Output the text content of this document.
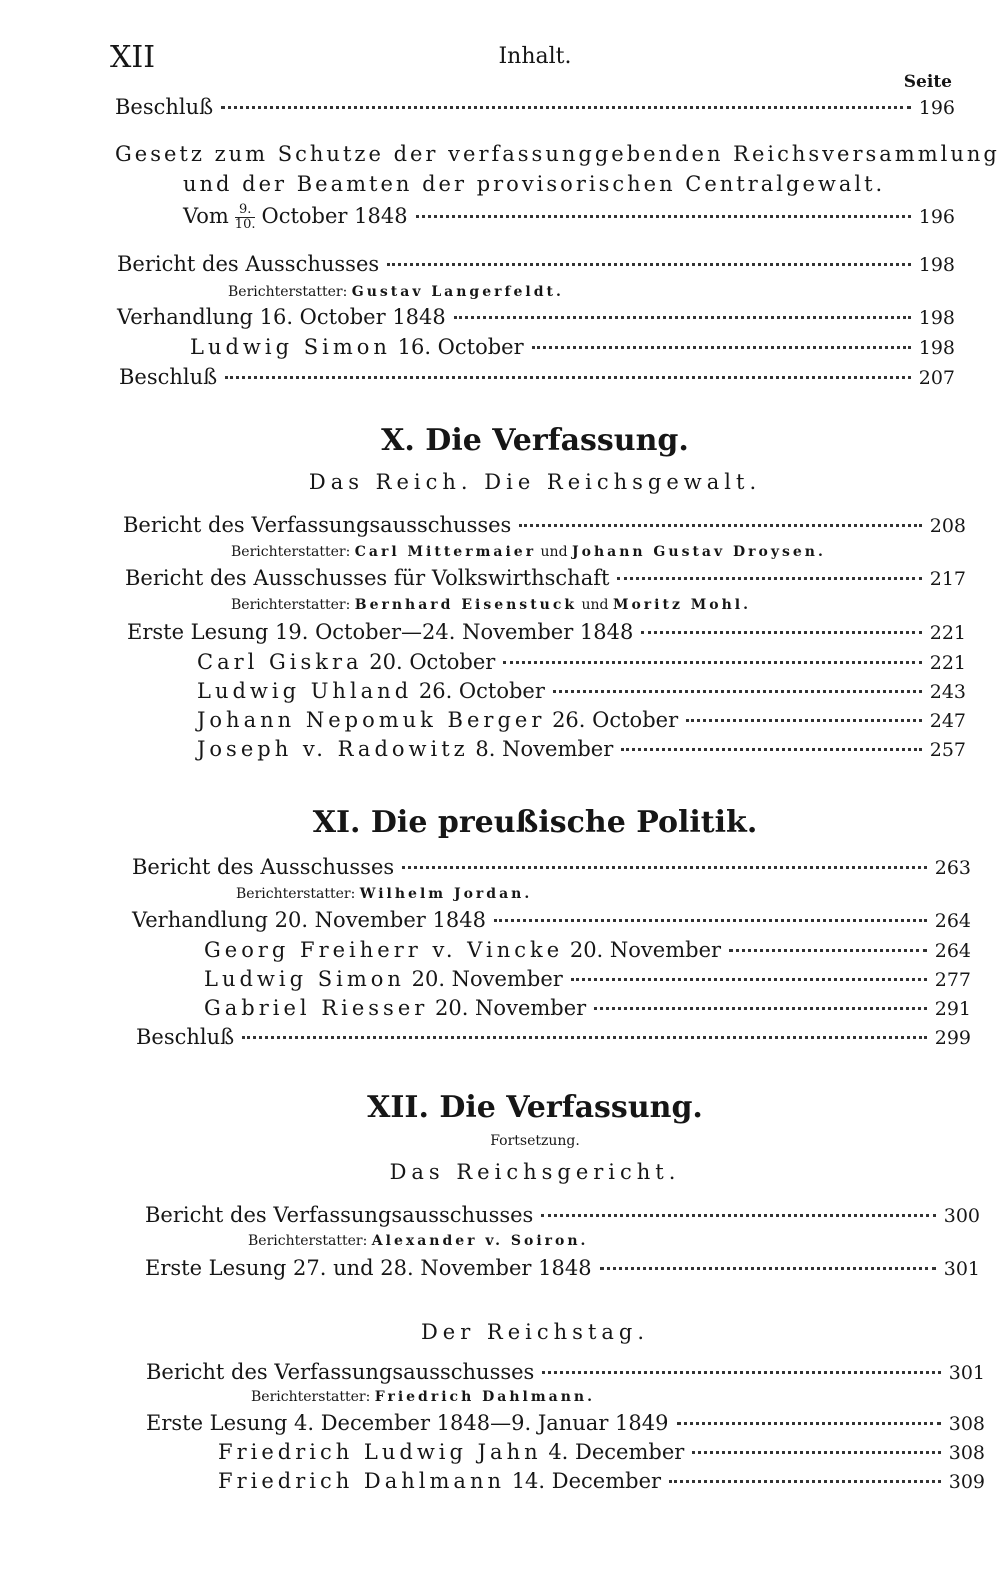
XII	Inhalt.
Seite
Beschluß	196
Gesetz zum Schutze der verfassunggebenden Reichsversammlung
und der Beamten der provisorischen Centralgewalt.
Vom $\frac{9.}{10.}$ October 1848	196
Bericht des Ausschusses	198
Berichterstatter: Gustav Langerfeldt.
Verhandlung 16. October 1848	198
Ludwig Simon 16. October	198
Beschluß	207
X. Die Verfassung.
Das Reich. Die Reichsgewalt.
Bericht des Verfassungsausschusses	208
Berichterstatter: Carl Mittermaier und Johann Gustav Droysen.
Bericht des Ausschusses für Volkswirthschaft	217
Berichterstatter: Bernhard Eisenstuck und Moritz Mohl.
Erste Lesung 19. October—24. November 1848	221
Carl Giskra 20. October	221
Ludwig Uhland 26. October	243
Johann Nepomuk Berger 26. October	247
Joseph v. Radowitz 8. November	257
XI. Die preußische Politik.
Bericht des Ausschusses	263
Berichterstatter: Wilhelm Jordan.
Verhandlung 20. November 1848	264
Georg Freiherr v. Vincke 20. November	264
Ludwig Simon 20. November	277
Gabriel Riesser 20. November	291
Beschluß	299
XII. Die Verfassung.
Fortsetzung.
Das Reichsgericht.
Bericht des Verfassungsausschusses	300
Berichterstatter: Alexander v. Soiron.
Erste Lesung 27. und 28. November 1848	301
Der Reichstag.
Bericht des Verfassungsausschusses	301
Berichterstatter: Friedrich Dahlmann.
Erste Lesung 4. December 1848—9. Januar 1849	308
Friedrich Ludwig Jahn 4. December	308
Friedrich Dahlmann 14. December	309
